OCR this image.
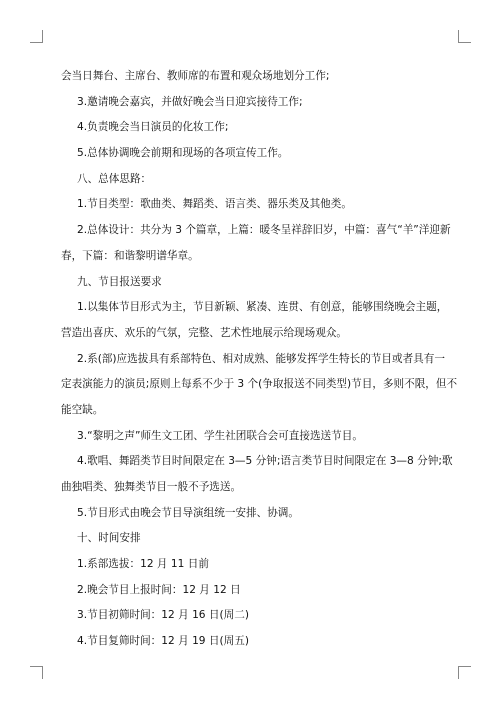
会当日舞台、主席台、教师席的布置和观众场地划分工作;
3.邀请晚会嘉宾，并做好晚会当日迎宾接待工作;
4.负责晚会当日演员的化妆工作;
5.总体协调晚会前期和现场的各项宣传工作。
八、总体思路：
1.节目类型：歌曲类、舞蹈类、语言类、器乐类及其他类。
2.总体设计：共分为 3 个篇章，上篇：暖冬呈祥辞旧岁，中篇：喜气“羊”洋迎新
春，下篇：和谐黎明谱华章。
九、节目报送要求
1.以集体节目形式为主，节目新颖、紧凑、连贯、有创意，能够围绕晚会主题，
营造出喜庆、欢乐的气氛，完整、艺术性地展示给现场观众。
2.系(部)应选拔具有系部特色、相对成熟、能够发挥学生特长的节目或者具有一
定表演能力的演员;原则上每系不少于 3 个(争取报送不同类型)节目，多则不限，但不
能空缺。
3.“黎明之声”师生文工团、学生社团联合会可直接选送节目。
4.歌唱、舞蹈类节目时间限定在 3—5 分钟;语言类节目时间限定在 3—8 分钟;歌
曲独唱类、独舞类节目一般不予选送。
5.节目形式由晚会节目导演组统一安排、协调。
十、时间安排
1.系部选拔：12 月 11 日前
2.晚会节目上报时间：12 月 12 日
3.节目初筛时间：12 月 16 日(周二)
4.节目复筛时间：12 月 19 日(周五)
